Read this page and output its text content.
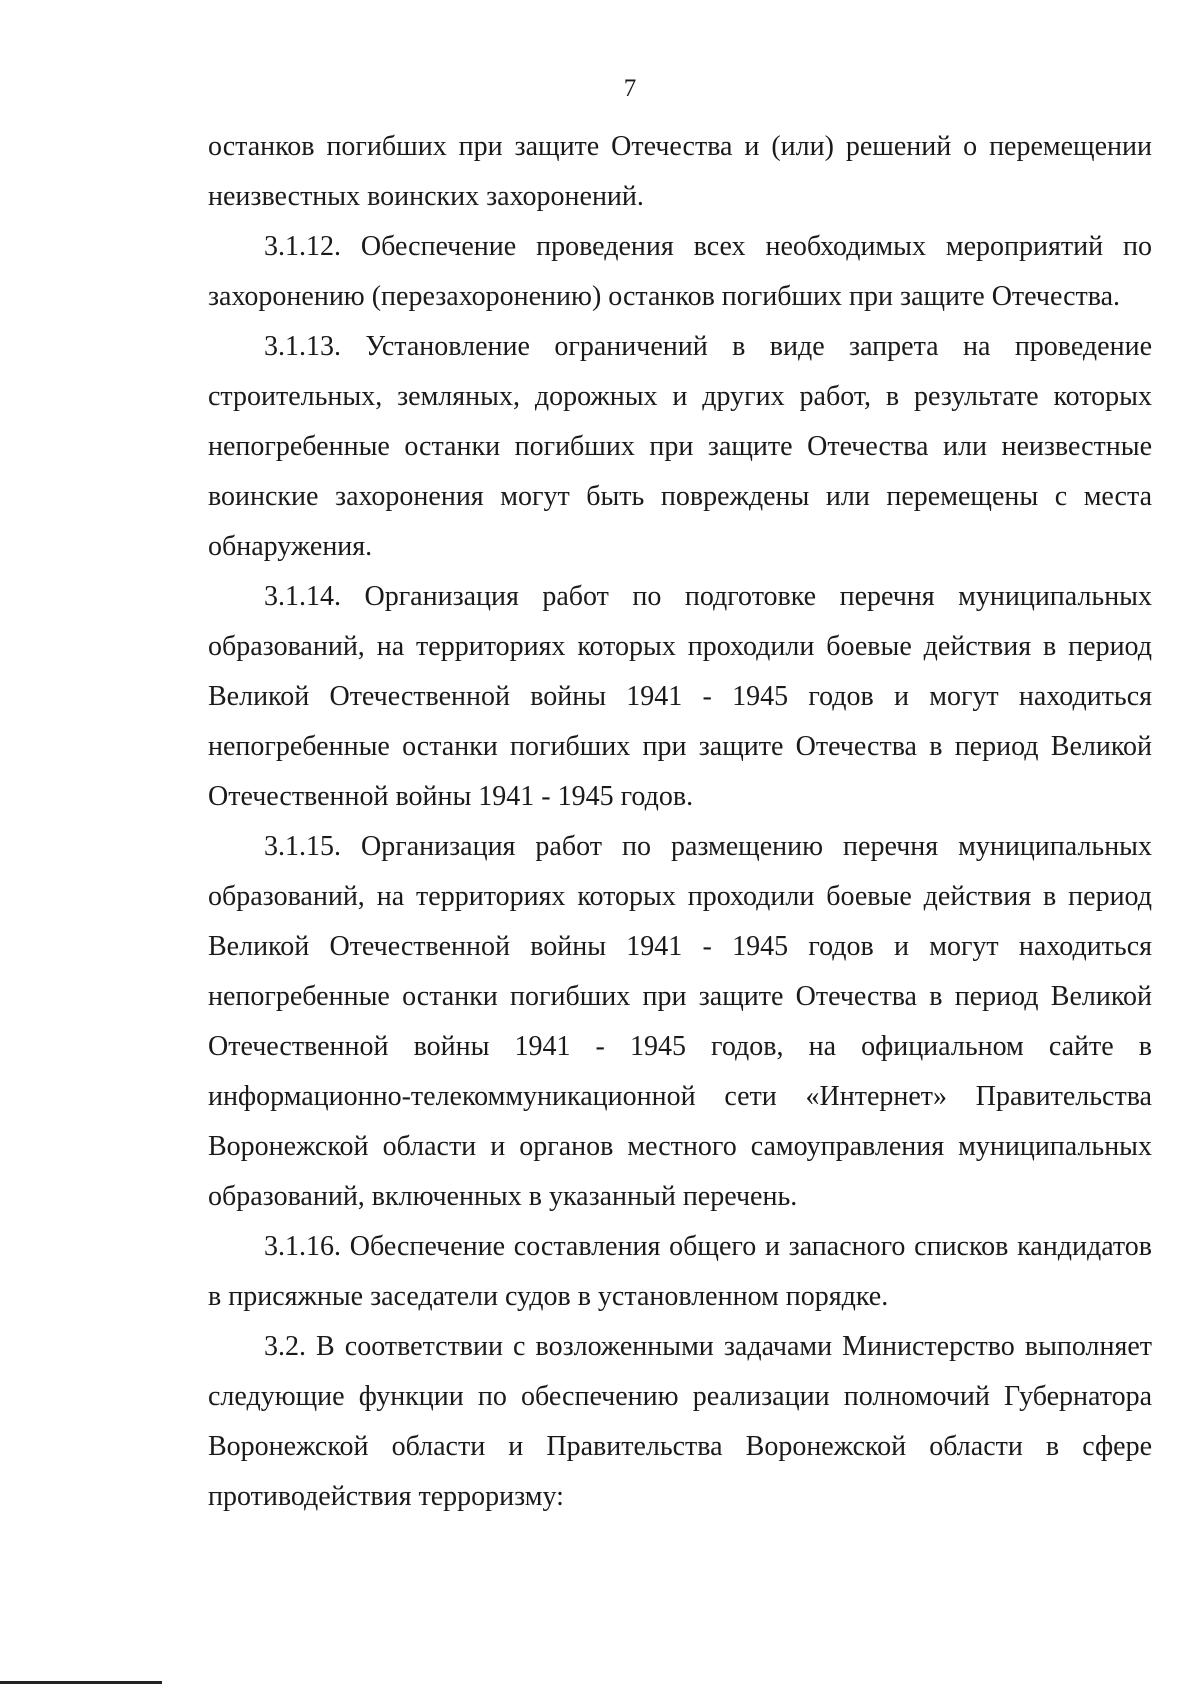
7

останков погибших при защите Отечества и (или) решений о перемещении неизвестных воинских захоронений.

3.1.12. Обеспечение проведения всех необходимых мероприятий по захоронению (перезахоронению) останков погибших при защите Отечества.

3.1.13. Установление ограничений в виде запрета на проведение строительных, земляных, дорожных и других работ, в результате которых непогребенные останки погибших при защите Отечества или неизвестные воинские захоронения могут быть повреждены или перемещены с места обнаружения.

3.1.14. Организация работ по подготовке перечня муниципальных образований, на территориях которых проходили боевые действия в период Великой Отечественной войны 1941 - 1945 годов и могут находиться непогребенные останки погибших при защите Отечества в период Великой Отечественной войны 1941 - 1945 годов.

3.1.15. Организация работ по размещению перечня муниципальных образований, на территориях которых проходили боевые действия в период Великой Отечественной войны 1941 - 1945 годов и могут находиться непогребенные останки погибших при защите Отечества в период Великой Отечественной войны 1941 - 1945 годов, на официальном сайте в информационно-телекоммуникационной сети «Интернет» Правительства Воронежской области и органов местного самоуправления муниципальных образований, включенных в указанный перечень.

3.1.16. Обеспечение составления общего и запасного списков кандидатов в присяжные заседатели судов в установленном порядке.

3.2. В соответствии с возложенными задачами Министерство выполняет следующие функции по обеспечению реализации полномочий Губернатора Воронежской области и Правительства Воронежской области в сфере противодействия терроризму:
